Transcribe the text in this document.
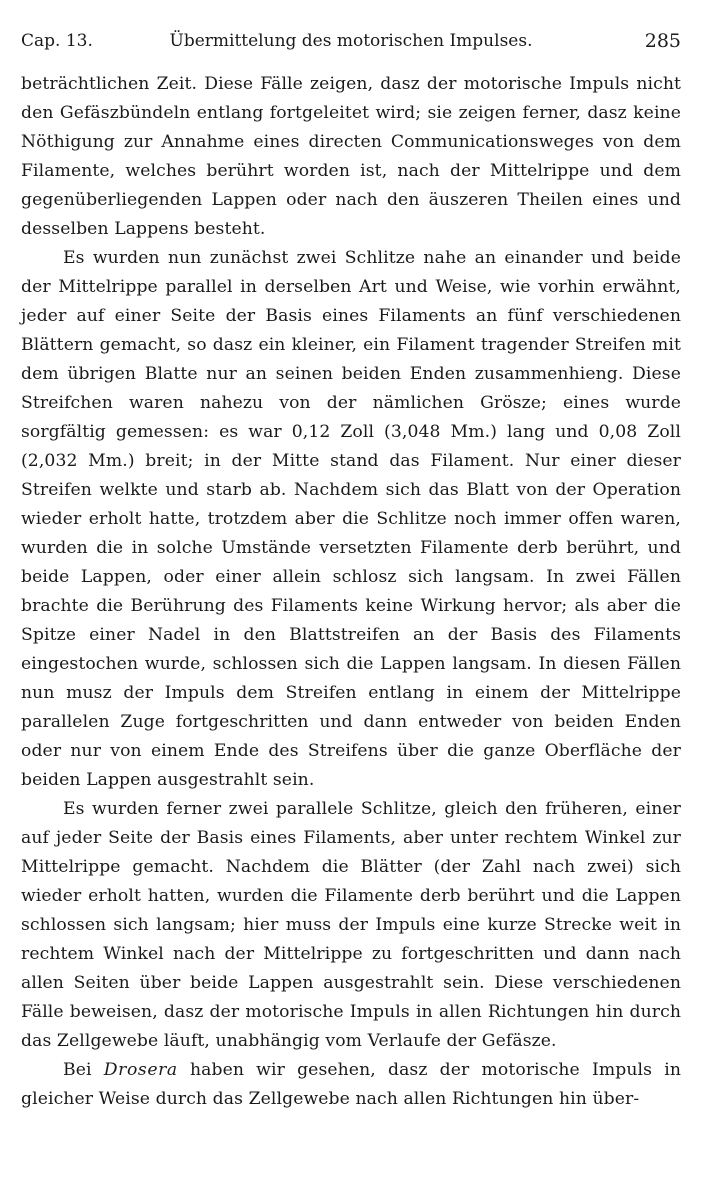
Cap. 13.	Übermittelung des motorischen Impulses.	285

beträchtlichen Zeit. Diese Fälle zeigen, dasz der motorische Impuls nicht den Gefäszbündeln entlang fortgeleitet wird; sie zeigen ferner, dasz keine Nöthigung zur Annahme eines directen Communicationsweges von dem Filamente, welches berührt worden ist, nach der Mittelrippe und dem gegenüberliegenden Lappen oder nach den äuszeren Theilen eines und desselben Lappens besteht.

Es wurden nun zunächst zwei Schlitze nahe an einander und beide der Mittelrippe parallel in derselben Art und Weise, wie vorhin erwähnt, jeder auf einer Seite der Basis eines Filaments an fünf verschiedenen Blättern gemacht, so dasz ein kleiner, ein Filament tragender Streifen mit dem übrigen Blatte nur an seinen beiden Enden zusammenhieng. Diese Streifchen waren nahezu von der nämlichen Grösze; eines wurde sorgfältig gemessen: es war 0,12 Zoll (3,048 Mm.) lang und 0,08 Zoll (2,032 Mm.) breit; in der Mitte stand das Filament. Nur einer dieser Streifen welkte und starb ab. Nachdem sich das Blatt von der Operation wieder erholt hatte, trotzdem aber die Schlitze noch immer offen waren, wurden die in solche Umstände versetzten Filamente derb berührt, und beide Lappen, oder einer allein schlosz sich langsam. In zwei Fällen brachte die Berührung des Filaments keine Wirkung hervor; als aber die Spitze einer Nadel in den Blattstreifen an der Basis des Filaments eingestochen wurde, schlossen sich die Lappen langsam. In diesen Fällen nun musz der Impuls dem Streifen entlang in einem der Mittelrippe parallelen Zuge fortgeschritten und dann entweder von beiden Enden oder nur von einem Ende des Streifens über die ganze Oberfläche der beiden Lappen ausgestrahlt sein.

Es wurden ferner zwei parallele Schlitze, gleich den früheren, einer auf jeder Seite der Basis eines Filaments, aber unter rechtem Winkel zur Mittelrippe gemacht. Nachdem die Blätter (der Zahl nach zwei) sich wieder erholt hatten, wurden die Filamente derb berührt und die Lappen schlossen sich langsam; hier muss der Impuls eine kurze Strecke weit in rechtem Winkel nach der Mittelrippe zu fortgeschritten und dann nach allen Seiten über beide Lappen ausgestrahlt sein. Diese verschiedenen Fälle beweisen, dasz der motorische Impuls in allen Richtungen hin durch das Zellgewebe läuft, unabhängig vom Verlaufe der Gefäsze.

Bei Drosera haben wir gesehen, dasz der motorische Impuls in gleicher Weise durch das Zellgewebe nach allen Richtungen hin über-
